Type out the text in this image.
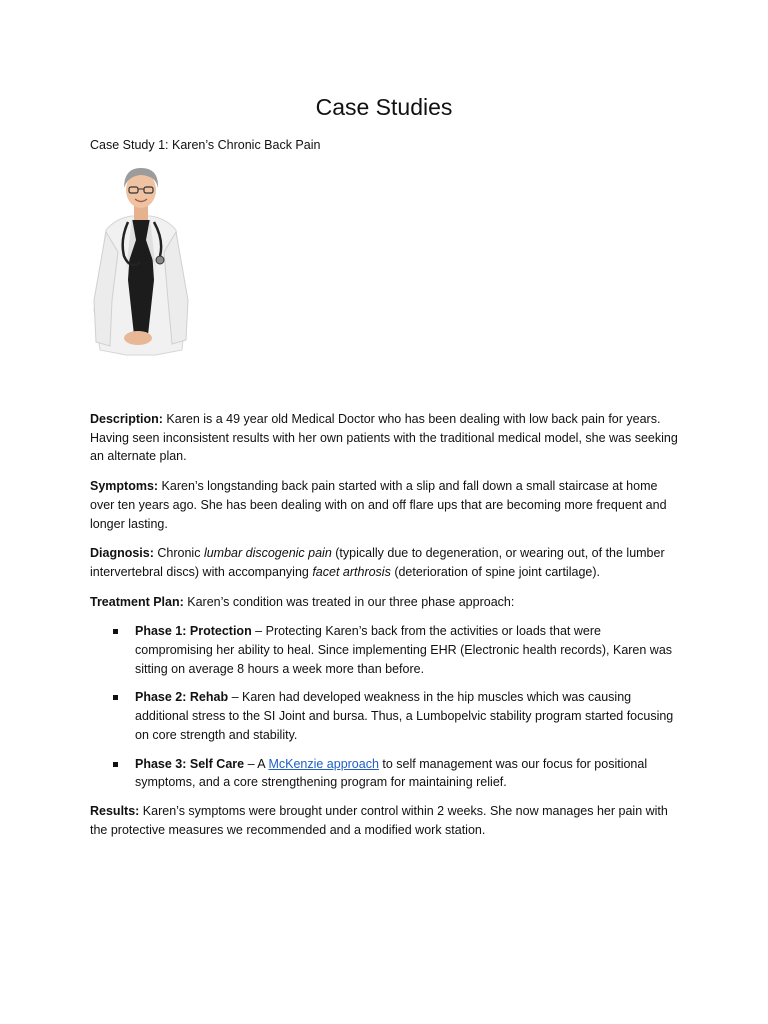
Case Studies

Case Study 1: Karen’s Chronic Back Pain

Description: Karen is a 49 year old Medical Doctor who has been dealing with low back pain for years. Having seen inconsistent results with her own patients with the traditional medical model, she was seeking an alternate plan.

Symptoms: Karen’s longstanding back pain started with a slip and fall down a small staircase at home over ten years ago. She has been dealing with on and off flare ups that are becoming more frequent and longer lasting.

Diagnosis: Chronic lumbar discogenic pain (typically due to degeneration, or wearing out, of the lumber intervertebral discs) with accompanying facet arthrosis (deterioration of spine joint cartilage).

Treatment Plan: Karen’s condition was treated in our three phase approach:

Phase 1: Protection – Protecting Karen’s back from the activities or loads that were compromising her ability to heal. Since implementing EHR (Electronic health records), Karen was sitting on average 8 hours a week more than before.
Phase 2: Rehab – Karen had developed weakness in the hip muscles which was causing additional stress to the SI Joint and bursa. Thus, a Lumbopelvic stability program started focusing on core strength and stability.
Phase 3: Self Care – A McKenzie approach to self management was our focus for positional symptoms, and a core strengthening program for maintaining relief.

Results: Karen’s symptoms were brought under control within 2 weeks. She now manages her pain with the protective measures we recommended and a modified work station.
